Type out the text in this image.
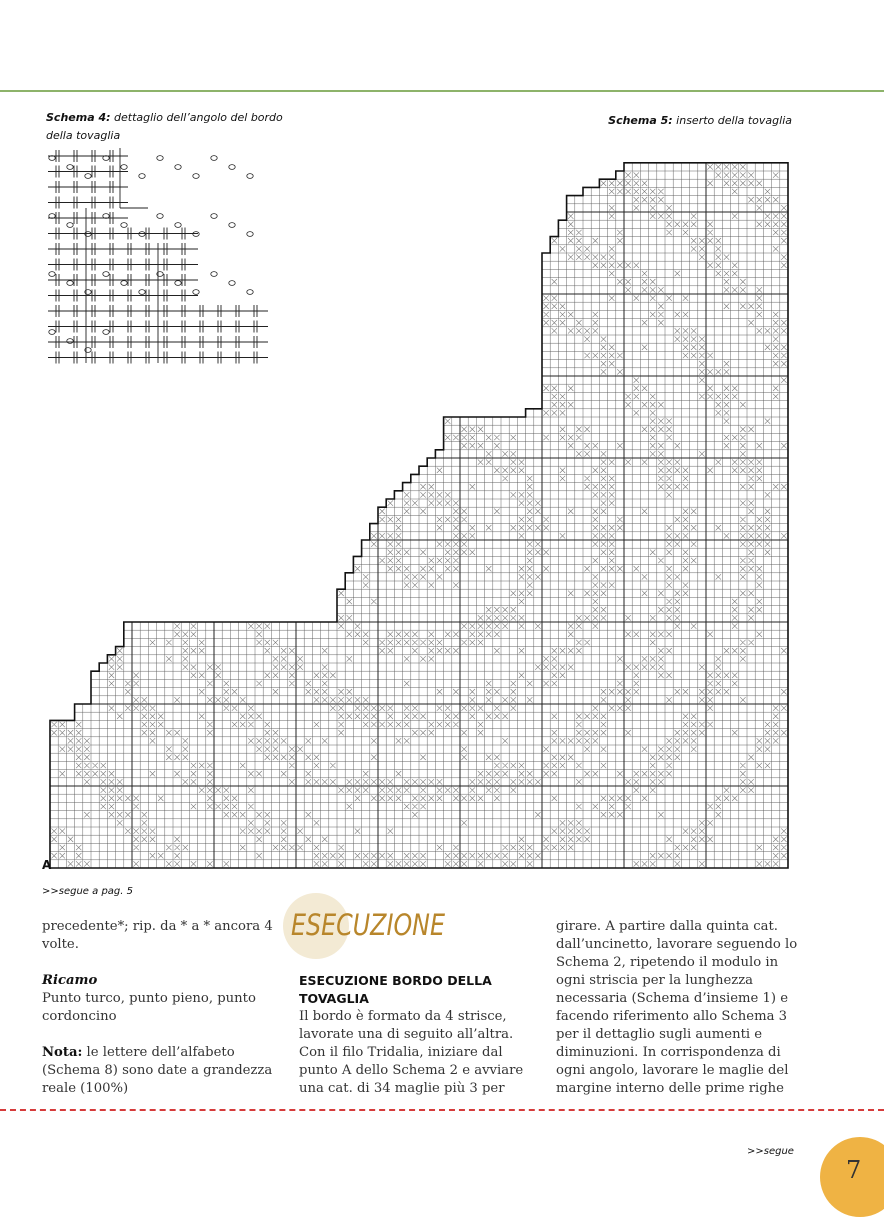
Schema 4: dettaglio dell’angolo del bordo della tovaglia
Schema 5: inserto della tovaglia
A
>>segue a pag. 5

precedente*; rip. da * a * ancora 4 volte.

Ricamo
Punto turco, punto pieno, punto cordoncino

Nota: le lettere dell’alfabeto (Schema 8) sono date a grandezza reale (100%)

ESECUZIONE
ESECUZIONE BORDO DELLA TOVAGLIA
Il bordo è formato da 4 strisce, lavorate una di seguito all’altra. Con il filo Tridalia, iniziare dal punto A dello Schema 2 e avviare una cat. di 34 maglie più 3 per
girare. A partire dalla quinta cat. dall’uncinetto, lavorare seguendo lo Schema 2, ripetendo il modulo in ogni striscia per la lunghezza necessaria (Schema d’insieme 1) e facendo riferimento allo Schema 3 per il dettaglio sugli aumenti e diminuzioni. In corrispondenza di ogni angolo, lavorare le maglie del margine interno delle prime righe
>>segue
7
